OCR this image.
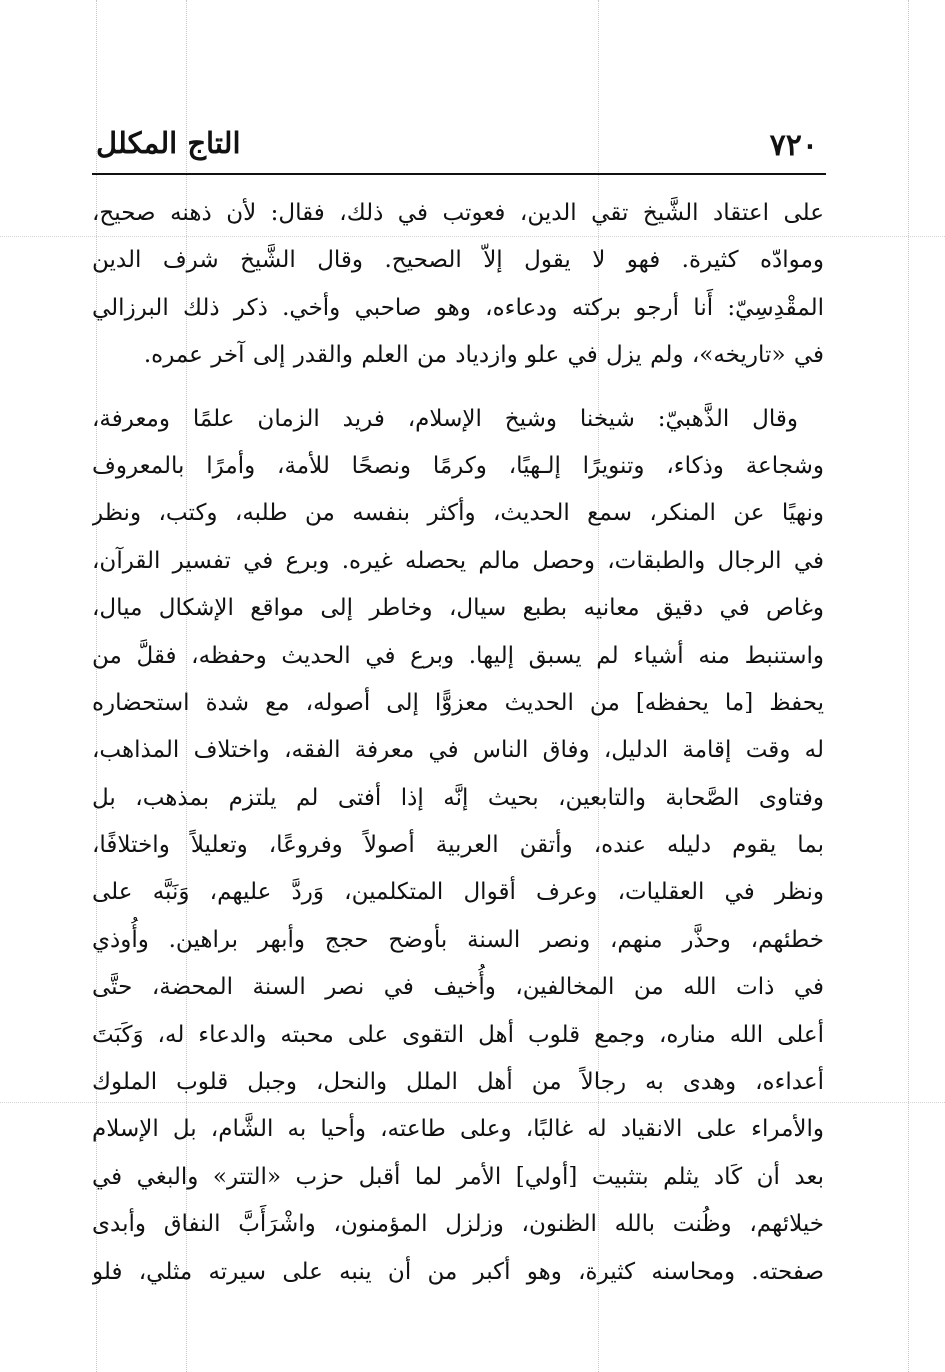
٧٢٠
التاج المكلل
على اعتقاد الشَّيخ تقي الدين، فعوتب في ذلك، فقال: لأن ذهنه صحيح،
وموادّه كثيرة. فهو لا يقول إلاّ الصحيح. وقال الشَّيخ شرف الدين
المقْدِسِيّ: أَنا أرجو بركته ودعاءه، وهو صاحبي وأخي. ذكر ذلك البرزالي
في «تاريخه»، ولم يزل في علو وازدياد من العلم والقدر إلى آخر عمره.
وقال الذَّهبيّ: شيخنا وشيخ الإسلام، فريد الزمان علمًا ومعرفة،
وشجاعة وذكاء، وتنويرًا إلـهيًا، وكرمًا ونصحًا للأمة، وأمرًا بالمعروف
ونهيًا عن المنكر، سمع الحديث، وأكثر بنفسه من طلبه، وكتب، ونظر
في الرجال والطبقات، وحصل مالم يحصله غيره. وبرع في تفسير القرآن،
وغاص في دقيق معانيه بطبع سيال، وخاطر إلى مواقع الإشكال ميال،
واستنبط منه أشياء لم يسبق إليها. وبرع في الحديث وحفظه، فقلَّ من
يحفظ [ما يحفظه] من الحديث معزوًّا إلى أصوله، مع شدة استحضاره
له وقت إقامة الدليل، وفاق الناس في معرفة الفقه، واختلاف المذاهب،
وفتاوى الصَّحابة والتابعين، بحيث إنَّه إذا أفتى لم يلتزم بمذهب، بل
بما يقوم دليله عنده، وأتقن العربية أصولاً وفروعًا، وتعليلاً واختلافًا،
ونظر في العقليات، وعرف أقوال المتكلمين، وَردَّ عليهم، وَنَبَّه على
خطئهم، وحذَّر منهم، ونصر السنة بأوضح حجج وأبهر براهين. وأُوذي
في ذات الله من المخالفين، وأُخيف في نصر السنة المحضة، حتَّى
أعلى الله مناره، وجمع قلوب أهل التقوى على محبته والدعاء له، وَكَبَتَ
أعداءه، وهدى به رجالاً من أهل الملل والنحل، وجبل قلوب الملوك
والأمراء على الانقياد له غالبًا، وعلى طاعته، وأحيا به الشَّام، بل الإسلام
بعد أن كَاد يثلم بتثبيت [أولي] الأمر لما أقبل حزب «التتر» والبغي في
خيلائهم، وظُنت بالله الظنون، وزلزل المؤمنون، واشْرَأَبَّ النفاق وأبدى
صفحته. ومحاسنه كثيرة، وهو أكبر من أن ينبه على سيرته مثلي، فلو
